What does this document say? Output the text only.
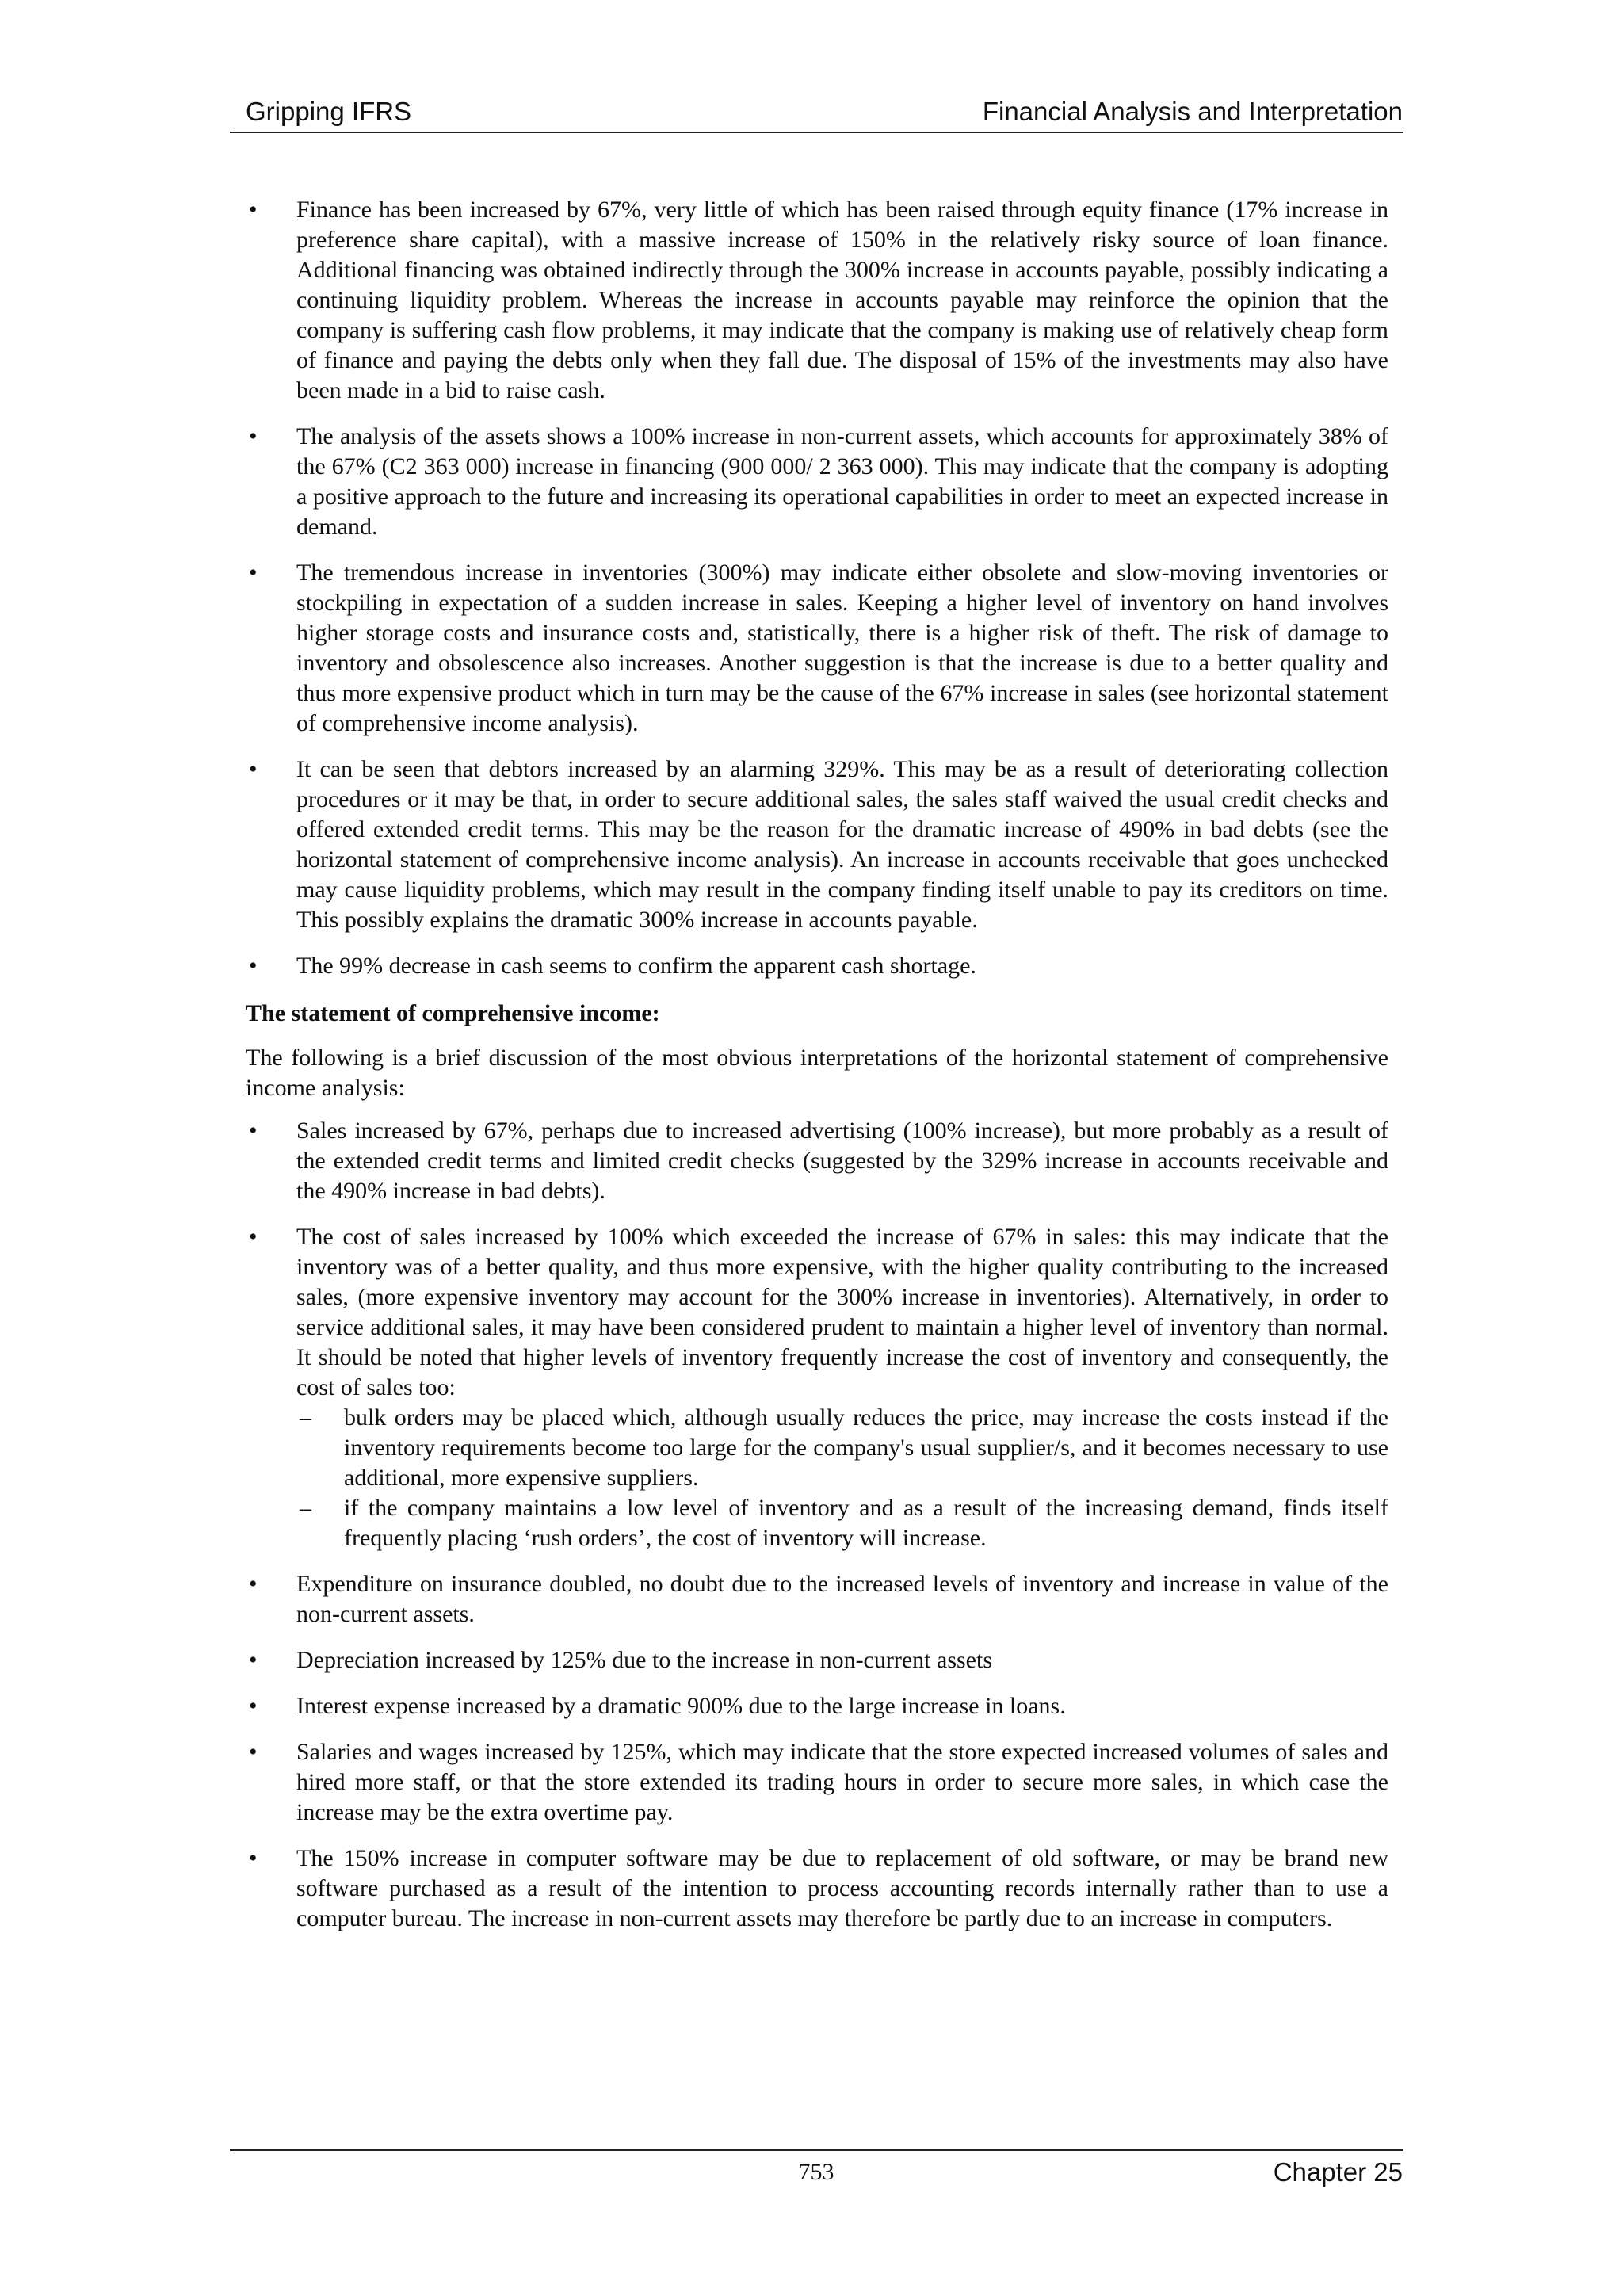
Gripping IFRS	Financial Analysis and Interpretation
• Finance has been increased by 67%, very little of which has been raised through equity finance (17% increase in preference share capital), with a massive increase of 150% in the relatively risky source of loan finance. Additional financing was obtained indirectly through the 300% increase in accounts payable, possibly indicating a continuing liquidity problem. Whereas the increase in accounts payable may reinforce the opinion that the company is suffering cash flow problems, it may indicate that the company is making use of relatively cheap form of finance and paying the debts only when they fall due. The disposal of 15% of the investments may also have been made in a bid to raise cash.
• The analysis of the assets shows a 100% increase in non-current assets, which accounts for approximately 38% of the 67% (C2 363 000) increase in financing (900 000/ 2 363 000). This may indicate that the company is adopting a positive approach to the future and increasing its operational capabilities in order to meet an expected increase in demand.
• The tremendous increase in inventories (300%) may indicate either obsolete and slow-moving inventories or stockpiling in expectation of a sudden increase in sales. Keeping a higher level of inventory on hand involves higher storage costs and insurance costs and, statistically, there is a higher risk of theft. The risk of damage to inventory and obsolescence also increases. Another suggestion is that the increase is due to a better quality and thus more expensive product which in turn may be the cause of the 67% increase in sales (see horizontal statement of comprehensive income analysis).
• It can be seen that debtors increased by an alarming 329%. This may be as a result of deteriorating collection procedures or it may be that, in order to secure additional sales, the sales staff waived the usual credit checks and offered extended credit terms. This may be the reason for the dramatic increase of 490% in bad debts (see the horizontal statement of comprehensive income analysis). An increase in accounts receivable that goes unchecked may cause liquidity problems, which may result in the company finding itself unable to pay its creditors on time. This possibly explains the dramatic 300% increase in accounts payable.
• The 99% decrease in cash seems to confirm the apparent cash shortage.
The statement of comprehensive income:
The following is a brief discussion of the most obvious interpretations of the horizontal statement of comprehensive income analysis:
• Sales increased by 67%, perhaps due to increased advertising (100% increase), but more probably as a result of the extended credit terms and limited credit checks (suggested by the 329% increase in accounts receivable and the 490% increase in bad debts).
• The cost of sales increased by 100% which exceeded the increase of 67% in sales: this may indicate that the inventory was of a better quality, and thus more expensive, with the higher quality contributing to the increased sales, (more expensive inventory may account for the 300% increase in inventories). Alternatively, in order to service additional sales, it may have been considered prudent to maintain a higher level of inventory than normal. It should be noted that higher levels of inventory frequently increase the cost of inventory and consequently, the cost of sales too:
– bulk orders may be placed which, although usually reduces the price, may increase the costs instead if the inventory requirements become too large for the company's usual supplier/s, and it becomes necessary to use additional, more expensive suppliers.
– if the company maintains a low level of inventory and as a result of the increasing demand, finds itself frequently placing ‘rush orders’, the cost of inventory will increase.
• Expenditure on insurance doubled, no doubt due to the increased levels of inventory and increase in value of the non-current assets.
• Depreciation increased by 125% due to the increase in non-current assets
• Interest expense increased by a dramatic 900% due to the large increase in loans.
• Salaries and wages increased by 125%, which may indicate that the store expected increased volumes of sales and hired more staff, or that the store extended its trading hours in order to secure more sales, in which case the increase may be the extra overtime pay.
• The 150% increase in computer software may be due to replacement of old software, or may be brand new software purchased as a result of the intention to process accounting records internally rather than to use a computer bureau. The increase in non-current assets may therefore be partly due to an increase in computers.
753	Chapter 25
